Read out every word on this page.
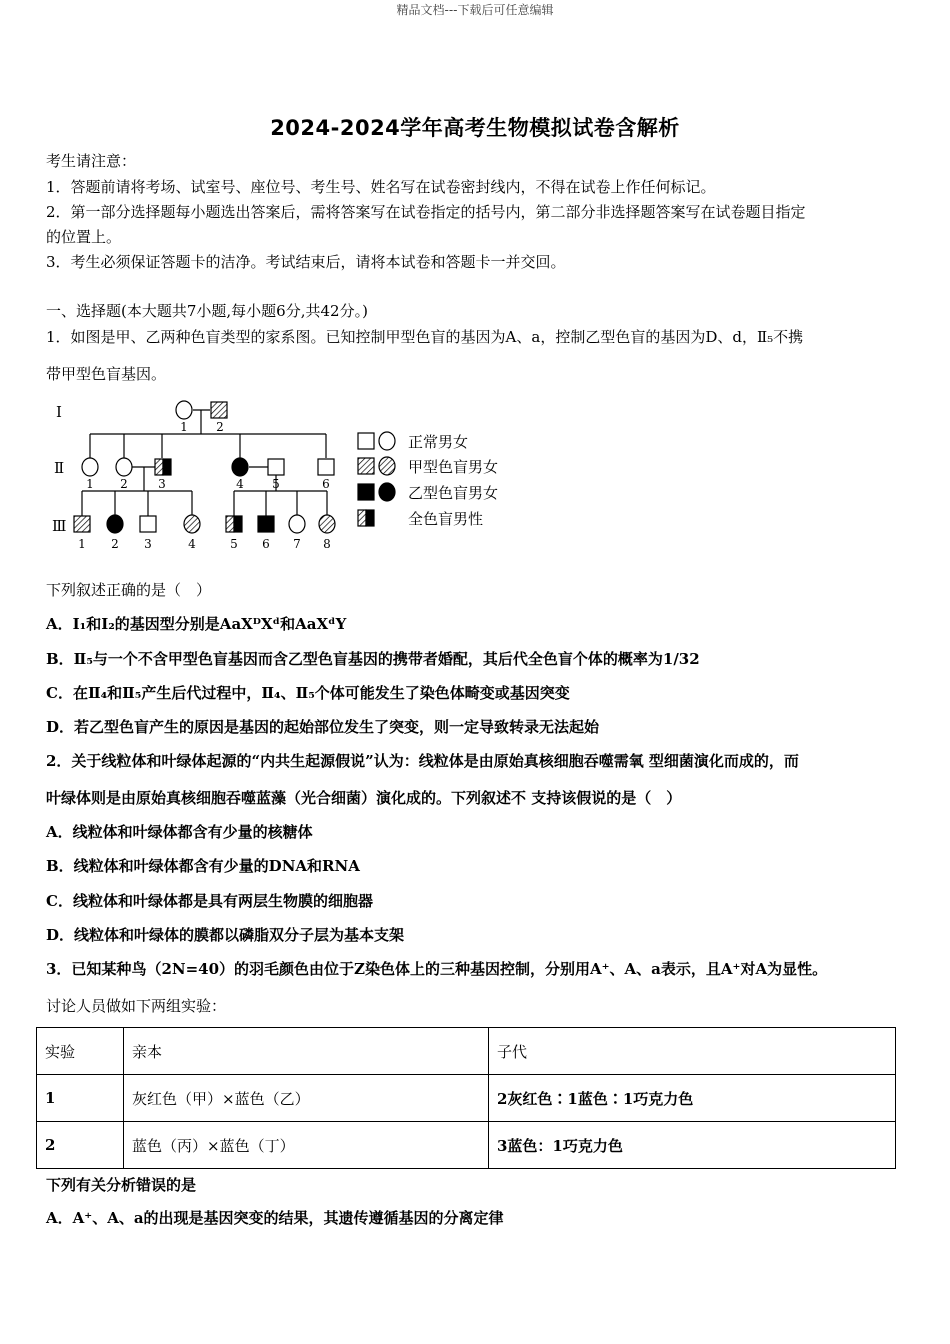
精品文档---下载后可任意编辑
2024-2024学年高考生物模拟试卷含解析
考生请注意：
1．答题前请将考场、试室号、座位号、考生号、姓名写在试卷密封线内，不得在试卷上作任何标记。
2．第一部分选择题每小题选出答案后，需将答案写在试卷指定的括号内，第二部分非选择题答案写在试卷题目指定
的位置上。
3．考生必须保证答题卡的洁净。考试结束后，请将本试卷和答题卡一并交回。
一、选择题(本大题共7小题,每小题6分,共42分。)
1．如图是甲、乙两种色盲类型的家系图。已知控制甲型色盲的基因为A、a，控制乙型色盲的基因为D、d，Ⅱ₅不携
带甲型色盲基因。
Ⅰ
Ⅱ
Ⅲ
1 2
1 2	3	4 5	6
1 2 3	4	5 6 7 8
正常男女
甲型色盲男女
乙型色盲男女
全色盲男性
下列叙述正确的是（　）
A．Ⅰ₁和Ⅰ₂的基因型分别是AaXᴰXᵈ和AaXᵈY
B．Ⅱ₅与一个不含甲型色盲基因而含乙型色盲基因的携带者婚配，其后代全色盲个体的概率为1/32
C．在Ⅱ₄和Ⅱ₅产生后代过程中，Ⅱ₄、Ⅱ₅个体可能发生了染色体畸变或基因突变
D．若乙型色盲产生的原因是基因的起始部位发生了突变，则一定导致转录无法起始
2．关于线粒体和叶绿体起源的“内共生起源假说”认为：线粒体是由原始真核细胞吞噬需氧 型细菌演化而成的，而
叶绿体则是由原始真核细胞吞噬蓝藻（光合细菌）演化成的。下列叙述不 支持该假说的是（　）
A．线粒体和叶绿体都含有少量的核糖体
B．线粒体和叶绿体都含有少量的DNA和RNA
C．线粒体和叶绿体都是具有两层生物膜的细胞器
D．线粒体和叶绿体的膜都以磷脂双分子层为基本支架
3．已知某种鸟（2N=40）的羽毛颜色由位于Z染色体上的三种基因控制，分别用A⁺、A、a表示，且A⁺对A为显性。
讨论人员做如下两组实验：
实验	亲本	子代
1	灰红色（甲）×蓝色（乙）	2灰红色∶1蓝色∶1巧克力色
2	蓝色（丙）×蓝色（丁）	3蓝色：1巧克力色
下列有关分析错误的是
A．A⁺、A、a的出现是基因突变的结果，其遗传遵循基因的分离定律
